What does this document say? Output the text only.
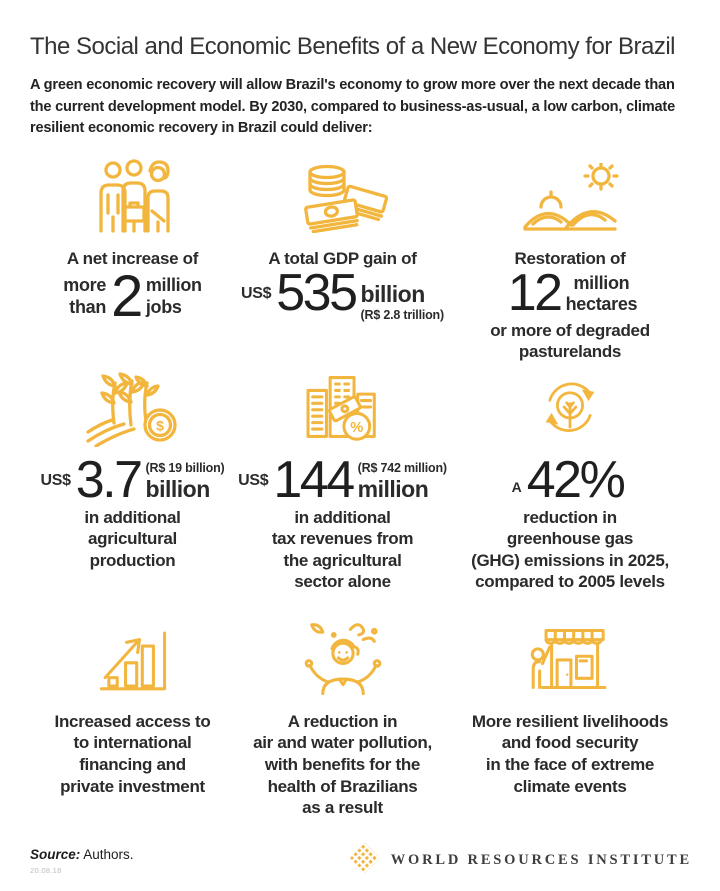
The Social and Economic Benefits of a New Economy for Brazil
A green economic recovery will allow Brazil's economy to grow more over the next decade than the current development model. By 2030, compared to business-as-usual, a low carbon, climate resilient economic recovery in Brazil could deliver:
A net increase of
more
than 2 million
jobs
A total GDP gain of
US$ 535 billion
(R$ 2.8 trillion)
Restoration of
12 million
hectares
or more of degraded
pasturelands
$
US$ 3.7 (R$ 19 billion)
billion
in additional
agricultural
production
%
US$ 144 (R$ 742 million)
million
in additional
tax revenues from
the agricultural
sector alone
A 42%
reduction in
greenhouse gas
(GHG) emissions in 2025,
compared to 2005 levels
Increased access to
to international
financing and
private investment
A reduction in
air and water pollution,
with benefits for the
health of Brazilians
as a result
More resilient livelihoods
and food security
in the face of extreme
climate events
Source: Authors.
20.08.18
WORLD RESOURCES INSTITUTE
